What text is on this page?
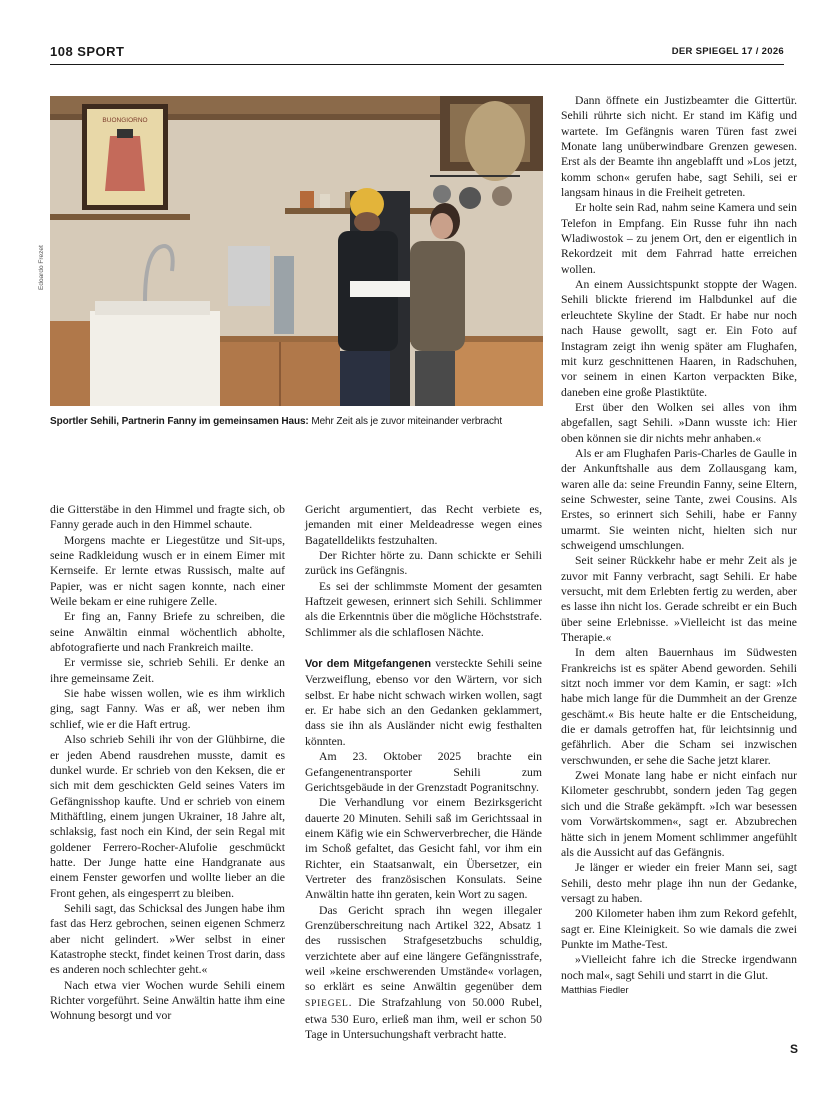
108 SPORT	DER SPIEGEL 17 / 2026
Edoardo Frezet
BUONGIORNO
Sportler Sehili, Partnerin Fanny im gemeinsamen Haus: Mehr Zeit als je zuvor miteinander verbracht

die Gitterstäbe in den Himmel und fragte sich, ob Fanny gerade auch in den Himmel schaute.

Morgens machte er Liegestütze und Sit-ups, seine Radkleidung wusch er in einem Eimer mit Kernseife. Er lernte etwas Russisch, malte auf Papier, was er nicht sagen konnte, nach einer Weile bekam er eine ruhigere Zelle.

Er fing an, Fanny Briefe zu schreiben, die seine Anwältin einmal wöchentlich abholte, abfotografierte und nach Frankreich mailte.

Er vermisse sie, schrieb Sehili. Er denke an ihre gemeinsame Zeit.

Sie habe wissen wollen, wie es ihm wirklich ging, sagt Fanny. Was er aß, wer neben ihm schlief, wie er die Haft ertrug.

Also schrieb Sehili ihr von der Glühbirne, die er jeden Abend rausdrehen musste, damit es dunkel wurde. Er schrieb von den Keksen, die er sich mit dem geschickten Geld seines Vaters im Gefängnisshop kaufte. Und er schrieb von einem Mithäftling, einem jungen Ukrainer, 18 Jahre alt, schlaksig, fast noch ein Kind, der sein Regal mit goldener Ferrero-Rocher-Alufolie geschmückt hatte. Der Junge hatte eine Handgranate aus einem Fenster geworfen und wollte lieber an die Front gehen, als eingesperrt zu bleiben.

Sehili sagt, das Schicksal des Jungen habe ihm fast das Herz gebrochen, seinen eigenen Schmerz aber nicht gelindert. »Wer selbst in einer Katastrophe steckt, findet keinen Trost darin, dass es anderen noch schlechter geht.«

Nach etwa vier Wochen wurde Sehili einem Richter vorgeführt. Seine Anwältin hatte ihm eine Wohnung besorgt und vor

Gericht argumentiert, das Recht verbiete es, jemanden mit einer Meldeadresse wegen eines Bagatelldelikts festzuhalten.

Der Richter hörte zu. Dann schickte er Sehili zurück ins Gefängnis.

Es sei der schlimmste Moment der gesamten Haftzeit gewesen, erinnert sich Sehili. Schlimmer als die Erkenntnis über die mögliche Höchststrafe. Schlimmer als die schlaflosen Nächte.

Vor dem Mitgefangenen versteckte Sehili seine Verzweiflung, ebenso vor den Wärtern, vor sich selbst. Er habe nicht schwach wirken wollen, sagt er. Er habe sich an den Gedanken geklammert, dass sie ihn als Ausländer nicht ewig festhalten könnten.

Am 23. Oktober 2025 brachte ein Gefangenentransporter Sehili zum Gerichtsgebäude in der Grenzstadt Pogranitschny.

Die Verhandlung vor einem Bezirksgericht dauerte 20 Minuten. Sehili saß im Gerichtssaal in einem Käfig wie ein Schwerverbrecher, die Hände im Schoß gefaltet, das Gesicht fahl, vor ihm ein Richter, ein Staatsanwalt, ein Übersetzer, ein Vertreter des französischen Konsulats. Seine Anwältin hatte ihn geraten, kein Wort zu sagen.

Das Gericht sprach ihn wegen illegaler Grenzüberschreitung nach Artikel 322, Absatz 1 des russischen Strafgesetzbuchs schuldig, verzichtete aber auf eine längere Gefängnisstrafe, weil »keine erschwerenden Umstände« vorlagen, so erklärt es seine Anwältin gegenüber dem SPIEGEL. Die Strafzahlung von 50.000 Rubel, etwa 530 Euro, erließ man ihm, weil er schon 50 Tage in Untersuchungshaft verbracht hatte.

Dann öffnete ein Justizbeamter die Gittertür. Sehili rührte sich nicht. Er stand im Käfig und wartete. Im Gefängnis waren Türen fast zwei Monate lang unüberwindbare Grenzen gewesen. Erst als der Beamte ihn angeblafft und »Los jetzt, komm schon« gerufen habe, sagt Sehili, sei er langsam hinaus in die Freiheit getreten.

Er holte sein Rad, nahm seine Kamera und sein Telefon in Empfang. Ein Russe fuhr ihn nach Wladiwostok – zu jenem Ort, den er eigentlich in Rekordzeit mit dem Fahrrad hatte erreichen wollen.

An einem Aussichtspunkt stoppte der Wagen. Sehili blickte frierend im Halbdunkel auf die erleuchtete Skyline der Stadt. Er habe nur noch nach Hause gewollt, sagt er. Ein Foto auf Instagram zeigt ihn wenig später am Flughafen, mit kurz geschnittenen Haaren, in Radschuhen, vor seinem in einen Karton verpackten Bike, daneben eine große Plastiktüte.

Erst über den Wolken sei alles von ihm abgefallen, sagt Sehili. »Dann wusste ich: Hier oben können sie dir nichts mehr anhaben.«

Als er am Flughafen Paris-Charles de Gaulle in der Ankunftshalle aus dem Zollausgang kam, waren alle da: seine Freundin Fanny, seine Eltern, seine Schwester, seine Tante, zwei Cousins. Als Erstes, so erinnert sich Sehili, habe er Fanny umarmt. Sie weinten nicht, hielten sich nur schweigend umschlungen.

Seit seiner Rückkehr habe er mehr Zeit als je zuvor mit Fanny verbracht, sagt Sehili. Er habe versucht, mit dem Erlebten fertig zu werden, aber es lasse ihn nicht los. Gerade schreibt er ein Buch über seine Erlebnisse. »Vielleicht ist das meine Therapie.«

In dem alten Bauernhaus im Südwesten Frankreichs ist es später Abend geworden. Sehili sitzt noch immer vor dem Kamin, er sagt: »Ich habe mich lange für die Dummheit an der Grenze geschämt.« Bis heute halte er die Entscheidung, die er damals getroffen hat, für leichtsinnig und gefährlich. Aber die Scham sei inzwischen verschwunden, er sehe die Sache jetzt klarer.

Zwei Monate lang habe er nicht einfach nur Kilometer geschrubbt, sondern jeden Tag gegen sich und die Straße gekämpft. »Ich war besessen vom Vorwärtskommen«, sagt er. Abzubrechen hätte sich in jenem Moment schlimmer angefühlt als die Aussicht auf das Gefängnis.

Je länger er wieder ein freier Mann sei, sagt Sehili, desto mehr plage ihn nun der Gedanke, versagt zu haben.

200 Kilometer haben ihm zum Rekord gefehlt, sagt er. Eine Kleinigkeit. So wie damals die zwei Punkte im Mathe-Test.

»Vielleicht fahre ich die Strecke irgendwann noch mal«, sagt Sehili und starrt in die Glut.

Matthias Fiedler

S
